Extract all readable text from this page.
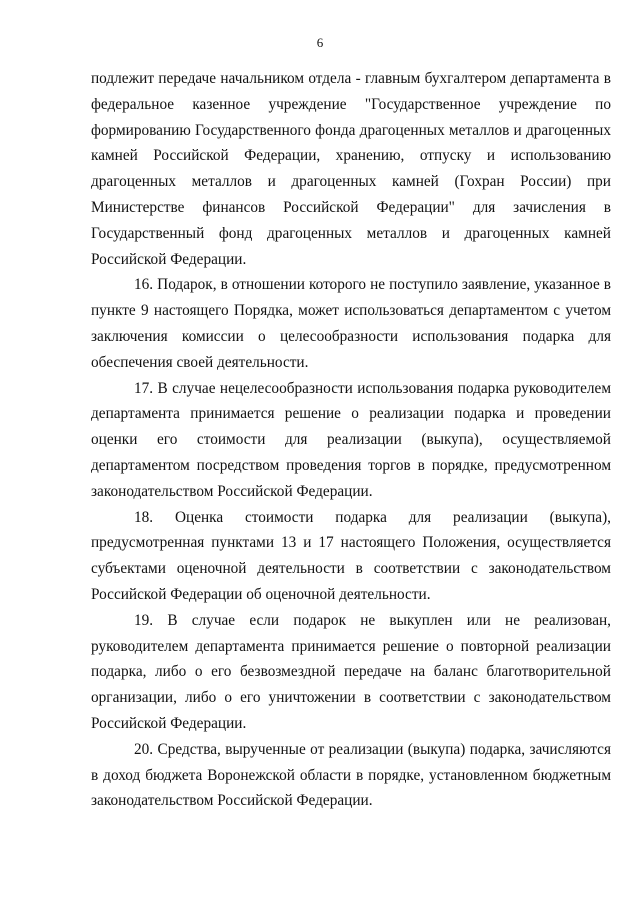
6

подлежит передаче начальником отдела - главным бухгалтером департамента в федеральное казенное учреждение "Государственное учреждение по формированию Государственного фонда драгоценных металлов и драгоценных камней Российской Федерации, хранению, отпуску и использованию драгоценных металлов и драгоценных камней (Гохран России) при Министерстве финансов Российской Федерации" для зачисления в Государственный фонд драгоценных металлов и драгоценных камней Российской Федерации.

16. Подарок, в отношении которого не поступило заявление, указанное в пункте 9 настоящего Порядка, может использоваться департаментом с учетом заключения комиссии о целесообразности использования подарка для обеспечения своей деятельности.

17. В случае нецелесообразности использования подарка руководителем департамента принимается решение о реализации подарка и проведении оценки его стоимости для реализации (выкупа), осуществляемой департаментом посредством проведения торгов в порядке, предусмотренном законодательством Российской Федерации.

18. Оценка стоимости подарка для реализации (выкупа), предусмотренная пунктами 13 и 17 настоящего Положения, осуществляется субъектами оценочной деятельности в соответствии с законодательством Российской Федерации об оценочной деятельности.

19. В случае если подарок не выкуплен или не реализован, руководителем департамента принимается решение о повторной реализации подарка, либо о его безвозмездной передаче на баланс благотворительной организации, либо о его уничтожении в соответствии с законодательством Российской Федерации.

20. Средства, вырученные от реализации (выкупа) подарка, зачисляются в доход бюджета Воронежской области в порядке, установленном бюджетным законодательством Российской Федерации.
